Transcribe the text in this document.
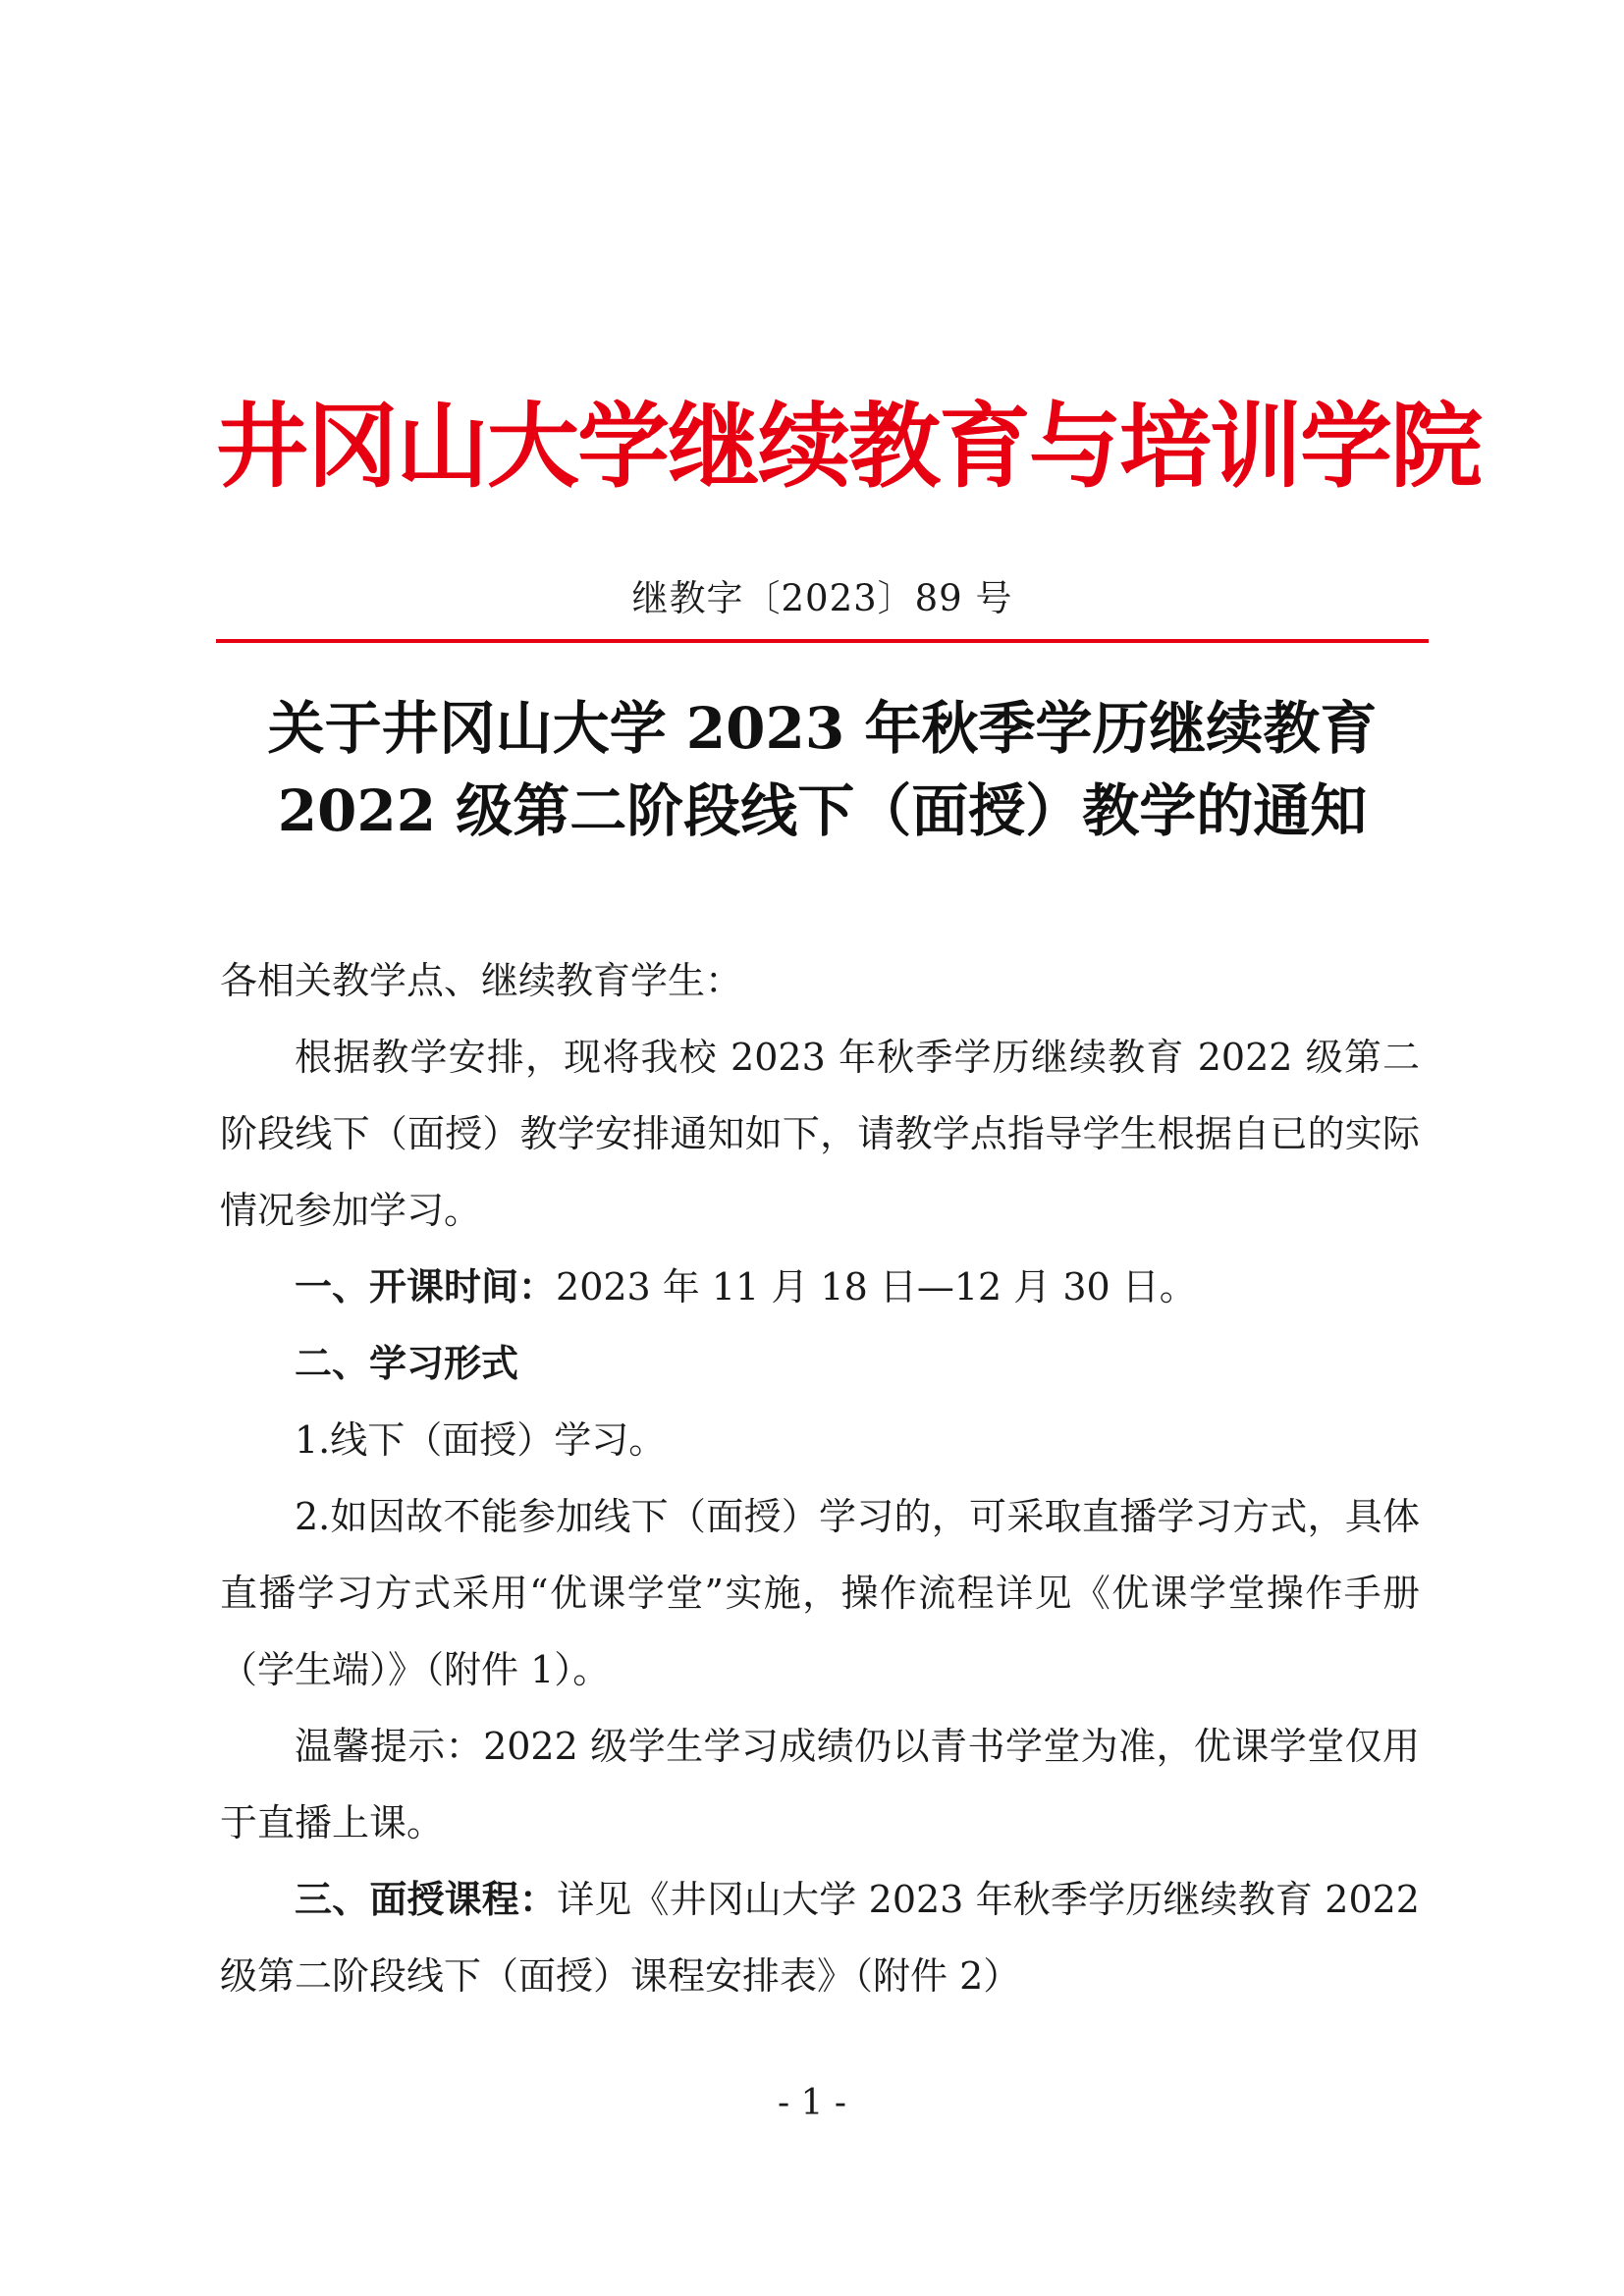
井冈山大学继续教育与培训学院
继教字〔2023〕89 号
关于井冈山大学 2023 年秋季学历继续教育
2022 级第二阶段线下（面授）教学的通知

各相关教学点、继续教育学生：

根据教学安排，现将我校 2023 年秋季学历继续教育 2022 级第二阶段线下（面授）教学安排通知如下，请教学点指导学生根据自已的实际情况参加学习。

一、开课时间：2023 年 11 月 18 日—12 月 30 日。

二、学习形式

1.线下（面授）学习。

2.如因故不能参加线下（面授）学习的，可采取直播学习方式，具体直播学习方式采用“优课学堂”实施，操作流程详见《优课学堂操作手册（学生端）》（附件 1）。

温馨提示：2022 级学生学习成绩仍以青书学堂为准，优课学堂仅用于直播上课。

三、面授课程：详见《井冈山大学 2023 年秋季学历继续教育 2022 级第二阶段线下（面授）课程安排表》（附件 2）

- 1 -
